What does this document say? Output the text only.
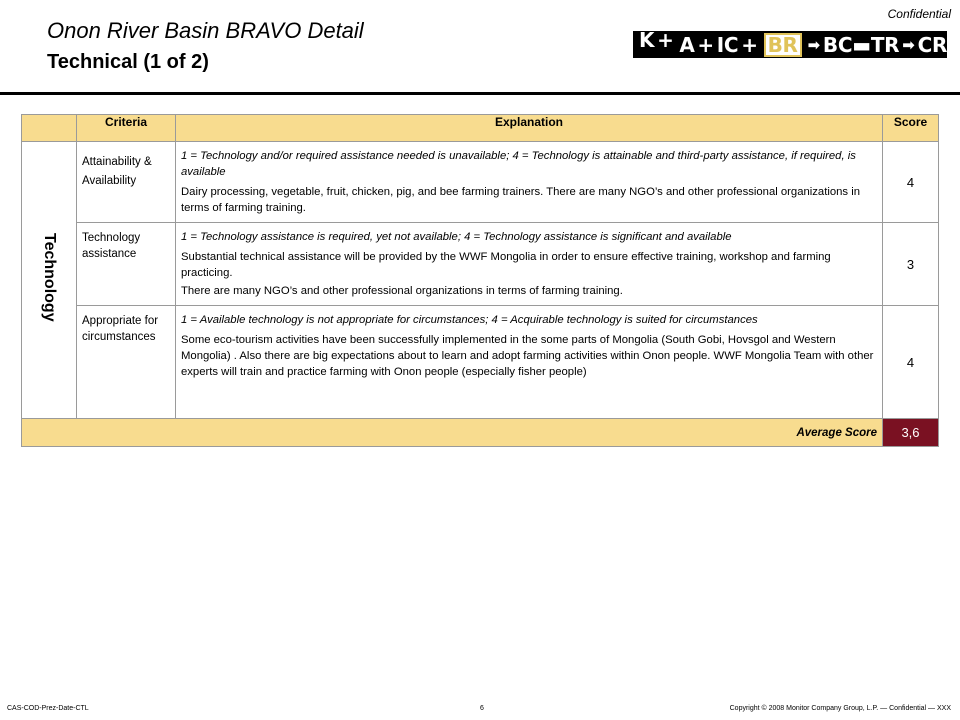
Confidential
Onon River Basin BRAVO Detail
Technical (1 of 2)
K + A + IC + BR ➡ BC ▬ TR ➡ CR
	Criteria	Explanation	Score
Technology	Attainability & Availability	1 = Technology and/or required assistance needed is unavailable; 4 = Technology is attainable and third-party assistance, if required, is available

Dairy processing, vegetable, fruit, chicken, pig, and bee farming trainers. There are many NGO’s and other professional organizations in terms of farming training.	4
	Technology assistance	1 = Technology assistance is required, yet not available; 4 = Technology assistance is significant and available

Substantial technical assistance will be provided by the WWF Mongolia in order to ensure effective training, workshop and farming practicing.

There are many NGO’s and other professional organizations in terms of farming training.	3
	Appropriate for circumstances	1 = Available technology is not appropriate for circumstances; 4 = Acquirable technology is suited for circumstances

Some eco-tourism activities have been successfully implemented in the some parts of Mongolia (South Gobi, Hovsgol and Western Mongolia) . Also there are big expectations about to learn and adopt farming activities within Onon people. WWF Mongolia Team with other experts will train and practice farming with Onon people (especially fisher people)	4
Average Score			3,6
CAS-COD-Prez-Date-CTL	6	Copyright © 2008 Monitor Company Group, L.P. — Confidential — XXX
